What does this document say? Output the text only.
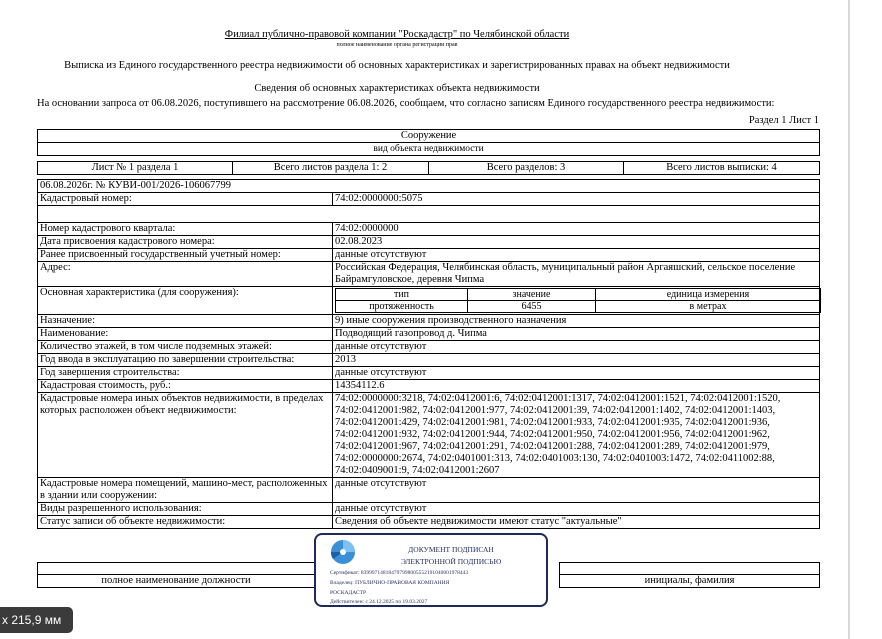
Филиал публично-правовой компании "Роскадастр" по Челябинской области
полное наименование органа регистрации прав
Выписка из Единого государственного реестра недвижимости об основных характеристиках и зарегистрированных правах на объект недвижимости
Сведения об основных характеристиках объекта недвижимости
На основании запроса от 06.08.2026, поступившего на рассмотрение 06.08.2026, сообщаем, что согласно записям Единого государственного реестра недвижимости:
Раздел 1 Лист 1
Сооружение
вид объекта недвижимости
Лист № 1 раздела 1	Всего листов раздела 1: 2	Всего разделов: 3	Всего листов выписки: 4
06.08.2026г. № КУВИ-001/2026-106067799
Кадастровый номер:	74:02:0000000:5075

Номер кадастрового квартала:	74:02:0000000
Дата присвоения кадастрового номера:	02.08.2023
Ранее присвоенный государственный учетный номер:	данные отсутствуют
Адрес:	Российская Федерация, Челябинская область, муниципальный район Аргаяшский, сельское поселение Байрамгуловское, деревня Чипма
Основная характеристика (для сооружения):		тип	значение	единица измерения
протяженность	6455	в метрах

Назначение:	9) иные сооружения производственного назначения
Наименование:	Подводящий газопровод д. Чипма
Количество этажей, в том числе подземных этажей:	данные отсутствуют
Год ввода в эксплуатацию по завершении строительства:	2013
Год завершения строительства:	данные отсутствуют
Кадастровая стоимость, руб.:	14354112.6
Кадастровые номера иных объектов недвижимости, в пределах которых расположен объект недвижимости:	
74:02:0000000:3218, 74:02:0412001:6, 74:02:0412001:1317, 74:02:0412001:1521, 74:02:0412001:1520,
74:02:0412001:982, 74:02:0412001:977, 74:02:0412001:39, 74:02:0412001:1402, 74:02:0412001:1403,
74:02:0412001:429, 74:02:0412001:981, 74:02:0412001:933, 74:02:0412001:935, 74:02:0412001:936,
74:02:0412001:932, 74:02:0412001:944, 74:02:0412001:950, 74:02:0412001:956, 74:02:0412001:962,
74:02:0412001:967, 74:02:0412001:291, 74:02:0412001:288, 74:02:0412001:289, 74:02:0412001:979,
74:02:0000000:2674, 74:02:0401001:313, 74:02:0401003:130, 74:02:0401003:1472, 74:02:0411002:88,
74:02:0409001:9, 74:02:0412001:2607

Кадастровые номера помещений, машино-мест, расположенных в здании или сооружении:	данные отсутствуют
Виды разрешенного использования:	данные отсутствуют
Статус записи об объекте недвижимости:	Сведения об объекте недвижимости имеют статус "актуальные"

полное наименование должности		инициалы, фамилия
ДОКУМЕНТ ПОДПИСАН
ЭЛЕКТРОННОЙ ПОДПИСЬЮ
Сертификат: 839997148184797998005552191040001978443
Владелец: ПУБЛИЧНО-ПРАВОВАЯ КОМПАНИЯ
РОСКАДАСТР
Действителен: с 24.12.2025 по 19.03.2027
х 215,9 мм
